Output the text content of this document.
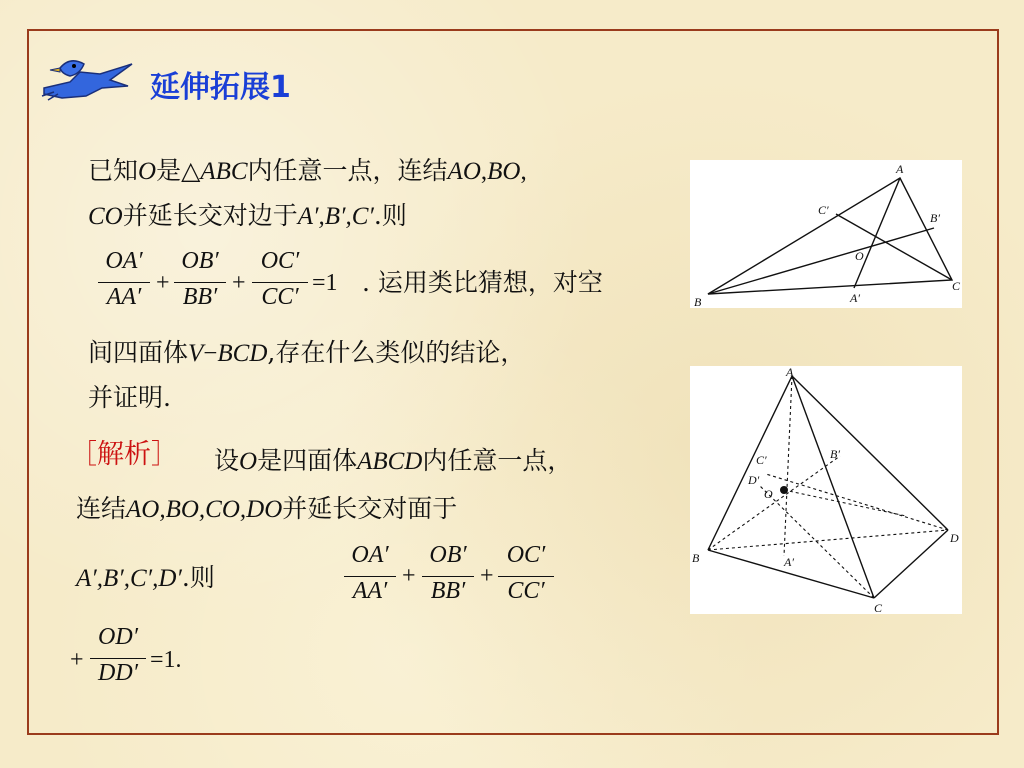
延伸拓展1
已知O是△ABC内任意一点，连结AO,BO,
CO并延长交对边于A′,B′,C′.则
OA′
AA′
+
OB′
BB′
+
OC′
CC′
=1 . 运用类比猜想，对空
间四面体V−BCD,存在什么类似的结论，
并证明.
［解析］ 设O是四面体ABCD内任意一点，
连结AO,BO,CO,DO并延长交对面于
A′,B′,C′,D′.则
OA′
AA′
+
OB′
BB′
+
OC′
CC′
+
OD′
DD′ =1.
A
B
C
O
A′
B′
C′
A
B
C
D
O
A′
B′
C′
D′
